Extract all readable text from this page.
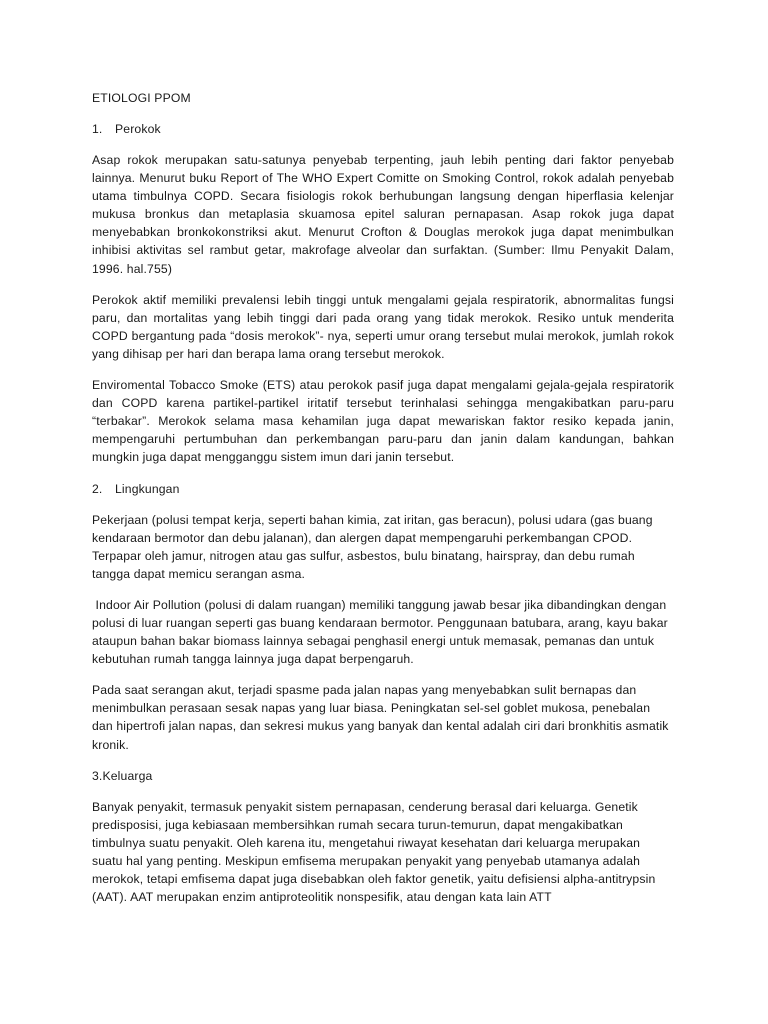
ETIOLOGI PPOM
1. Perokok

Asap rokok merupakan satu-satunya penyebab terpenting, jauh lebih penting dari faktor penyebab lainnya. Menurut buku Report of The WHO Expert Comitte on Smoking Control, rokok adalah penyebab utama timbulnya COPD. Secara fisiologis rokok berhubungan langsung dengan hiperflasia kelenjar mukusa bronkus dan metaplasia skuamosa epitel saluran pernapasan. Asap rokok juga dapat menyebabkan bronkokonstriksi akut. Menurut Crofton & Douglas merokok juga dapat menimbulkan inhibisi aktivitas sel rambut getar, makrofage alveolar dan surfaktan. (Sumber: Ilmu Penyakit Dalam, 1996. hal.755)

Perokok aktif memiliki prevalensi lebih tinggi untuk mengalami gejala respiratorik, abnormalitas fungsi paru, dan mortalitas yang lebih tinggi dari pada orang yang tidak merokok. Resiko untuk menderita COPD bergantung pada “dosis merokok”- nya, seperti umur orang tersebut mulai merokok, jumlah rokok yang dihisap per hari dan berapa lama orang tersebut merokok.

Enviromental Tobacco Smoke (ETS) atau perokok pasif juga dapat mengalami gejala-gejala respiratorik dan COPD karena partikel-partikel iritatif tersebut terinhalasi sehingga mengakibatkan paru-paru “terbakar”. Merokok selama masa kehamilan juga dapat mewariskan faktor resiko kepada janin, mempengaruhi pertumbuhan dan perkembangan paru-paru dan janin dalam kandungan, bahkan mungkin juga dapat mengganggu sistem imun dari janin tersebut.

2. Lingkungan

Pekerjaan (polusi tempat kerja, seperti bahan kimia, zat iritan, gas beracun), polusi udara (gas buang kendaraan bermotor dan debu jalanan), dan alergen dapat mempengaruhi perkembangan CPOD. Terpapar oleh jamur, nitrogen atau gas sulfur, asbestos, bulu binatang, hairspray, dan debu rumah tangga dapat memicu serangan asma.

Indoor Air Pollution (polusi di dalam ruangan) memiliki tanggung jawab besar jika dibandingkan dengan polusi di luar ruangan seperti gas buang kendaraan bermotor. Penggunaan batubara, arang, kayu bakar ataupun bahan bakar biomass lainnya sebagai penghasil energi untuk memasak, pemanas dan untuk kebutuhan rumah tangga lainnya juga dapat berpengaruh.

Pada saat serangan akut, terjadi spasme pada jalan napas yang menyebabkan sulit bernapas dan menimbulkan perasaan sesak napas yang luar biasa. Peningkatan sel-sel goblet mukosa, penebalan dan hipertrofi jalan napas, dan sekresi mukus yang banyak dan kental adalah ciri dari bronkhitis asmatik kronik.

3.Keluarga

Banyak penyakit, termasuk penyakit sistem pernapasan, cenderung berasal dari keluarga. Genetik predisposisi, juga kebiasaan membersihkan rumah secara turun-temurun, dapat mengakibatkan timbulnya suatu penyakit. Oleh karena itu, mengetahui riwayat kesehatan dari keluarga merupakan suatu hal yang penting. Meskipun emfisema merupakan penyakit yang penyebab utamanya adalah merokok, tetapi emfisema dapat juga disebabkan oleh faktor genetik, yaitu defisiensi alpha-antitrypsin (AAT). AAT merupakan enzim antiproteolitik nonspesifik, atau dengan kata lain ATT
